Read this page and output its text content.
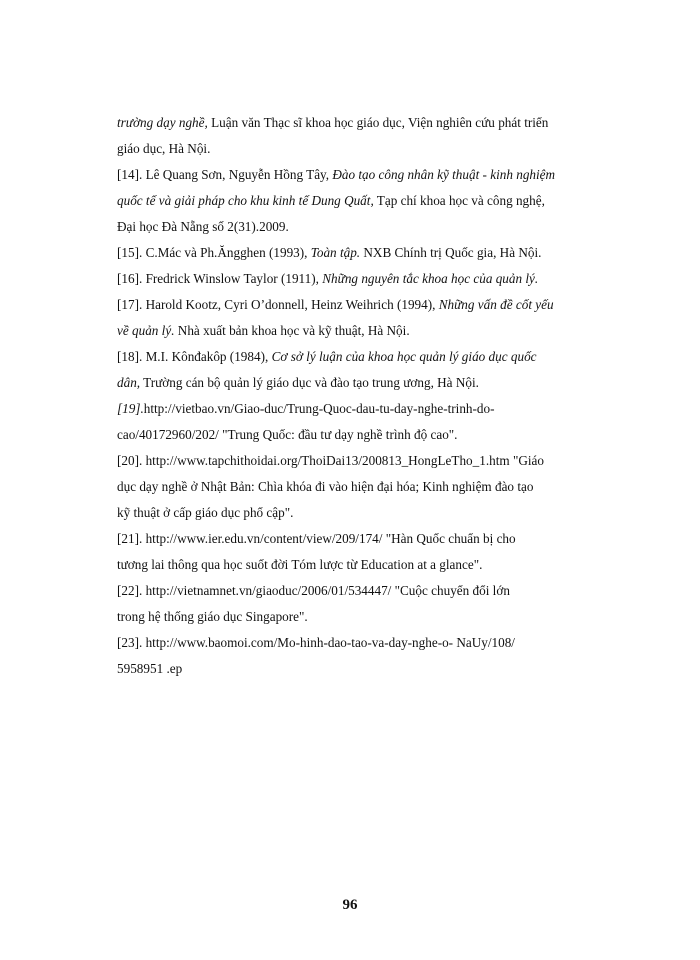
trường dạy nghề, Luận văn Thạc sĩ khoa học giáo dục, Viện nghiên cứu phát triển
giáo dục, Hà Nội.
[14]. Lê Quang Sơn, Nguyễn Hồng Tây, Đào tạo công nhân kỹ thuật - kinh nghiệm
quốc tế và giải pháp cho khu kinh tế Dung Quất, Tạp chí khoa học và công nghệ,
Đại học Đà Nẵng số 2(31).2009.
[15]. C.Mác và Ph.Ăngghen (1993), Toàn tập. NXB Chính trị Quốc gia, Hà Nội.
[16]. Fredrick Winslow Taylor (1911), Những nguyên tắc khoa học của quản lý.
[17]. Harold Kootz, Cyri O’donnell, Heinz Weihrich (1994), Những vấn đề cốt yếu
về quản lý. Nhà xuất bản khoa học và kỹ thuật, Hà Nội.
[18]. M.I. Kônđakôp (1984), Cơ sở lý luận của khoa học quản lý giáo dục quốc
dân, Trường cán bộ quản lý giáo dục và đào tạo trung ương, Hà Nội.
[19].http://vietbao.vn/Giao-duc/Trung-Quoc-dau-tu-day-nghe-trinh-do-
cao/40172960/202/ "Trung Quốc: đầu tư dạy nghề trình độ cao".
[20]. http://www.tapchithoidai.org/ThoiDai13/200813_HongLeTho_1.htm "Giáo
dục dạy nghề ở Nhật Bản: Chìa khóa đi vào hiện đại hóa; Kinh nghiệm đào tạo
kỹ thuật ở cấp giáo dục phổ cập".
[21]. http://www.ier.edu.vn/content/view/209/174/ "Hàn Quốc chuẩn bị cho
tương lai thông qua học suốt đời Tóm lược từ Education at a glance".
[22]. http://vietnamnet.vn/giaoduc/2006/01/534447/ "Cuộc chuyển đổi lớn
trong hệ thống giáo dục Singapore".
[23]. http://www.baomoi.com/Mo-hinh-dao-tao-va-day-nghe-o- NaUy/108/
5958951 .ep
96
